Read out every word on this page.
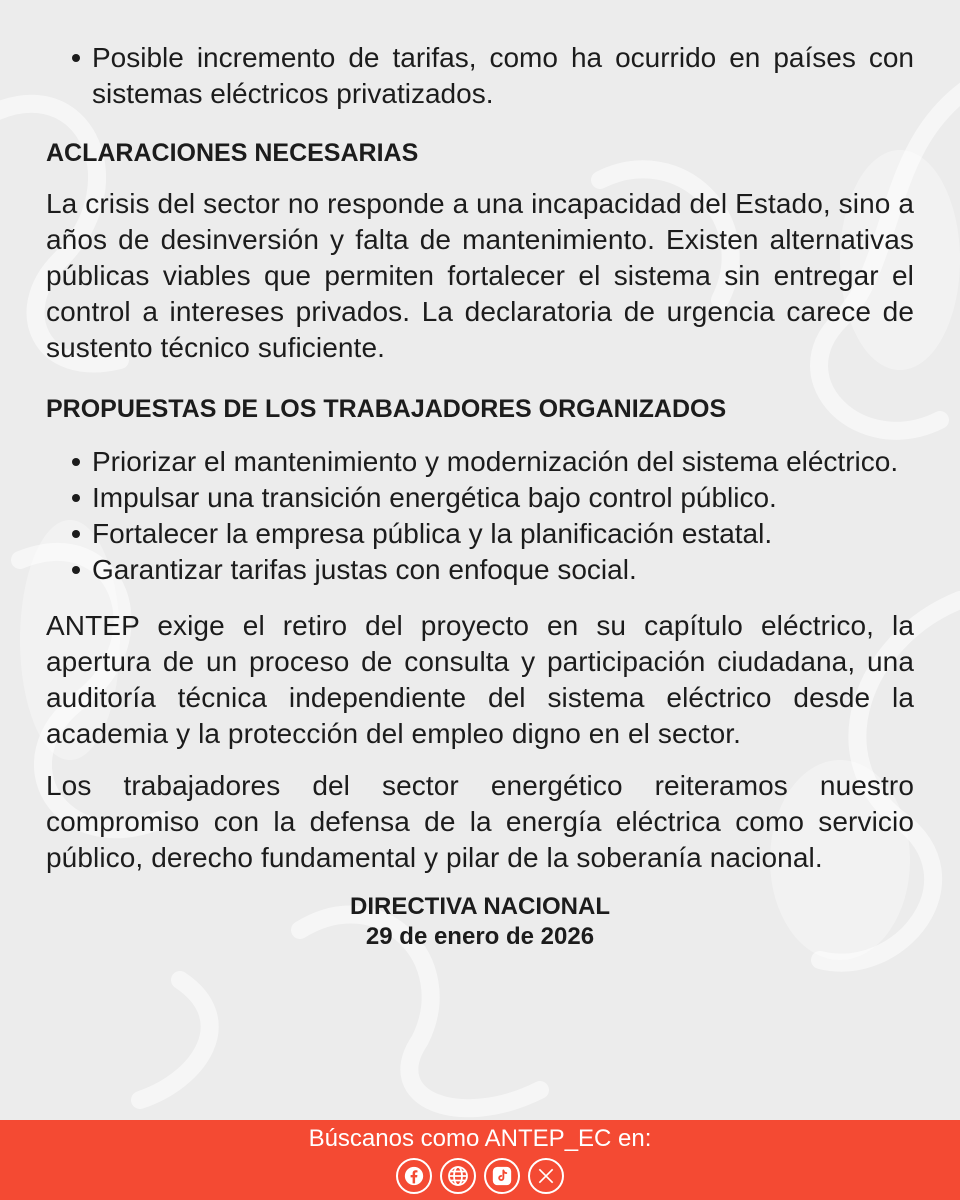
Posible incremento de tarifas, como ha ocurrido en países con sistemas eléctricos privatizados.
ACLARACIONES NECESARIAS

La crisis del sector no responde a una incapacidad del Estado, sino a años de desinversión y falta de mantenimiento. Existen alternativas públicas viables que permiten fortalecer el sistema sin entregar el control a intereses privados. La declaratoria de urgencia carece de sustento técnico suficiente.

PROPUESTAS DE LOS TRABAJADORES ORGANIZADOS
Priorizar el mantenimiento y modernización del sistema eléctrico.
Impulsar una transición energética bajo control público.
Fortalecer la empresa pública y la planificación estatal.
Garantizar tarifas justas con enfoque social.

ANTEP exige el retiro del proyecto en su capítulo eléctrico, la apertura de un proceso de consulta y participación ciudadana, una auditoría técnica independiente del sistema eléctrico desde la academia y la protección del empleo digno en el sector.

Los trabajadores del sector energético reiteramos nuestro compromiso con la defensa de la energía eléctrica como servicio público, derecho fundamental y pilar de la soberanía nacional.

DIRECTIVA NACIONAL
29 de enero de 2026
Búscanos como ANTEP_EC en:
